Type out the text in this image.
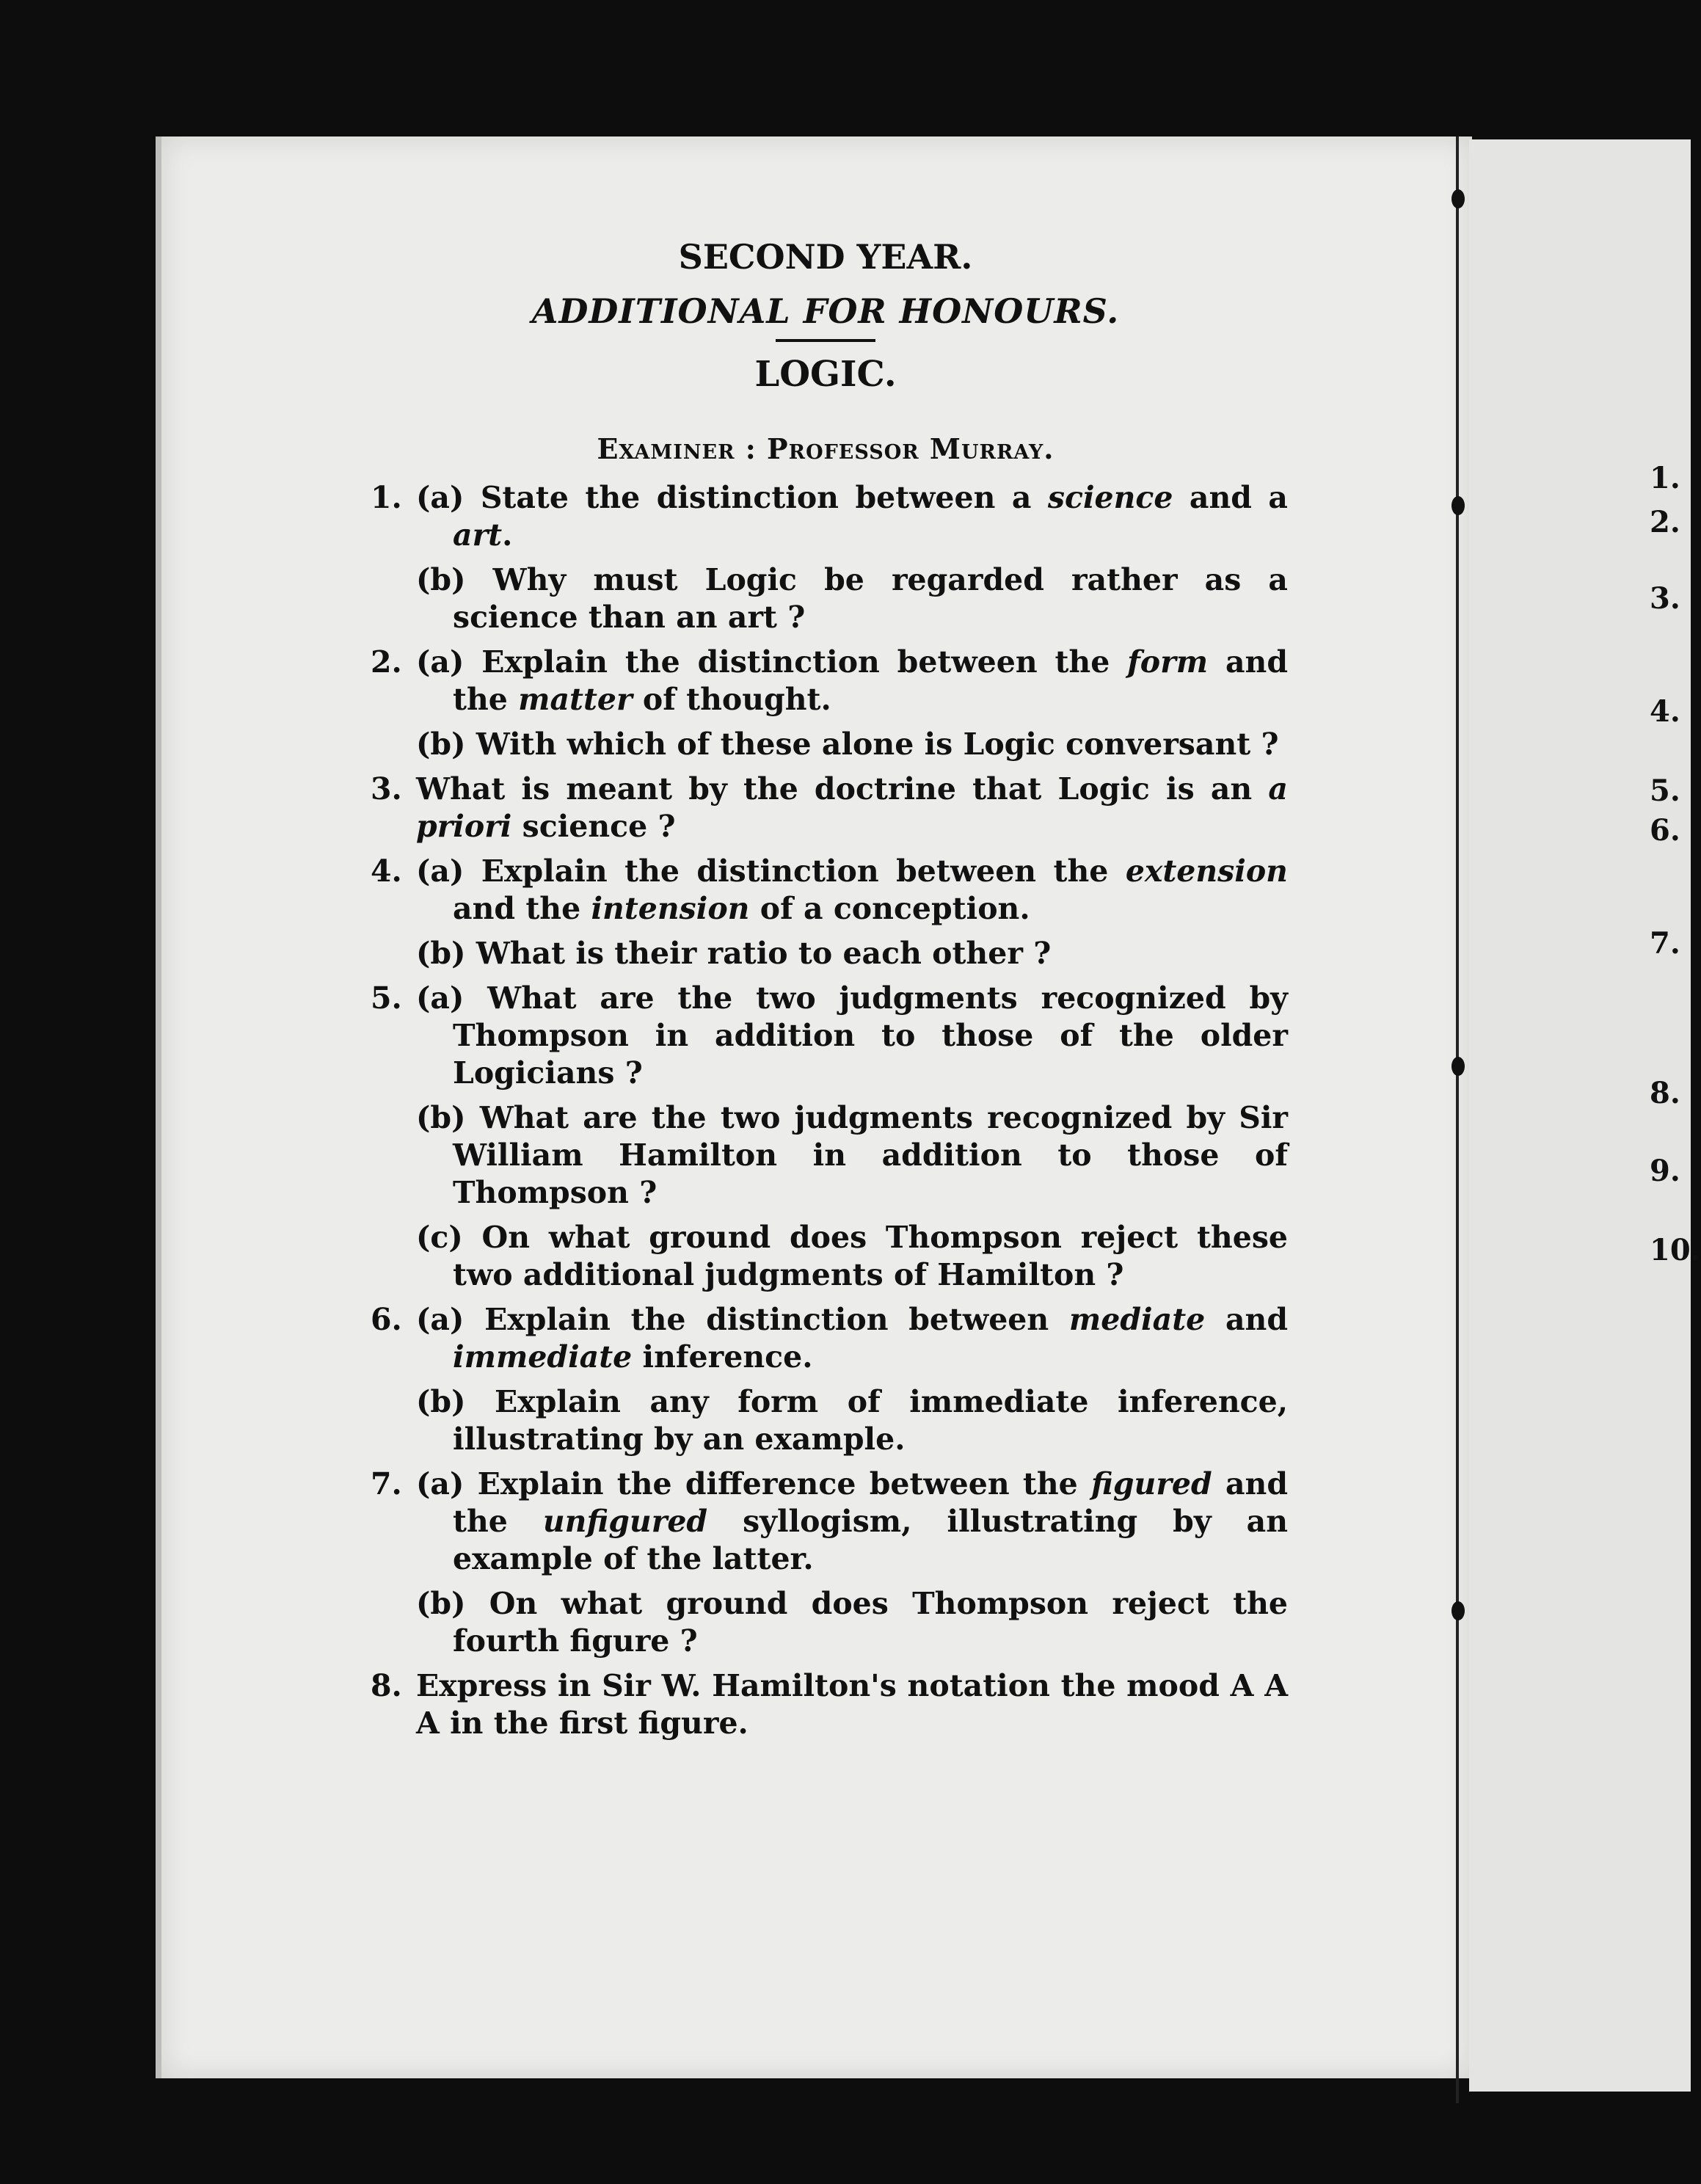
1.
2.
3.
4.
5.
6.
7.
8.
9.
10.
SECOND YEAR.
ADDITIONAL FOR HONOURS.
LOGIC.
Examiner : Professor Murray.
1. (a) State the distinction between a science and a art.
(b) Why must Logic be regarded rather as a science than an art ?
2. (a) Explain the distinction between the form and the matter of thought.
(b) With which of these alone is Logic conversant ?
3. What is meant by the doctrine that Logic is an a priori science ?
4. (a) Explain the distinction between the extension and the intension of a conception.
(b) What is their ratio to each other ?
5. (a) What are the two judgments recognized by Thompson in addition to those of the older Logicians ?
(b) What are the two judgments recognized by Sir William Hamilton in addition to those of Thompson ?
(c) On what ground does Thompson reject these two additional judgments of Hamilton ?
6. (a) Explain the distinction between mediate and immediate inference.
(b) Explain any form of immediate inference, illustrating by an example.
7. (a) Explain the difference between the figured and the unfigured syllogism, illustrating by an example of the latter.
(b) On what ground does Thompson reject the fourth figure ?
8. Express in Sir W. Hamilton's notation the mood A A A in the first figure.
